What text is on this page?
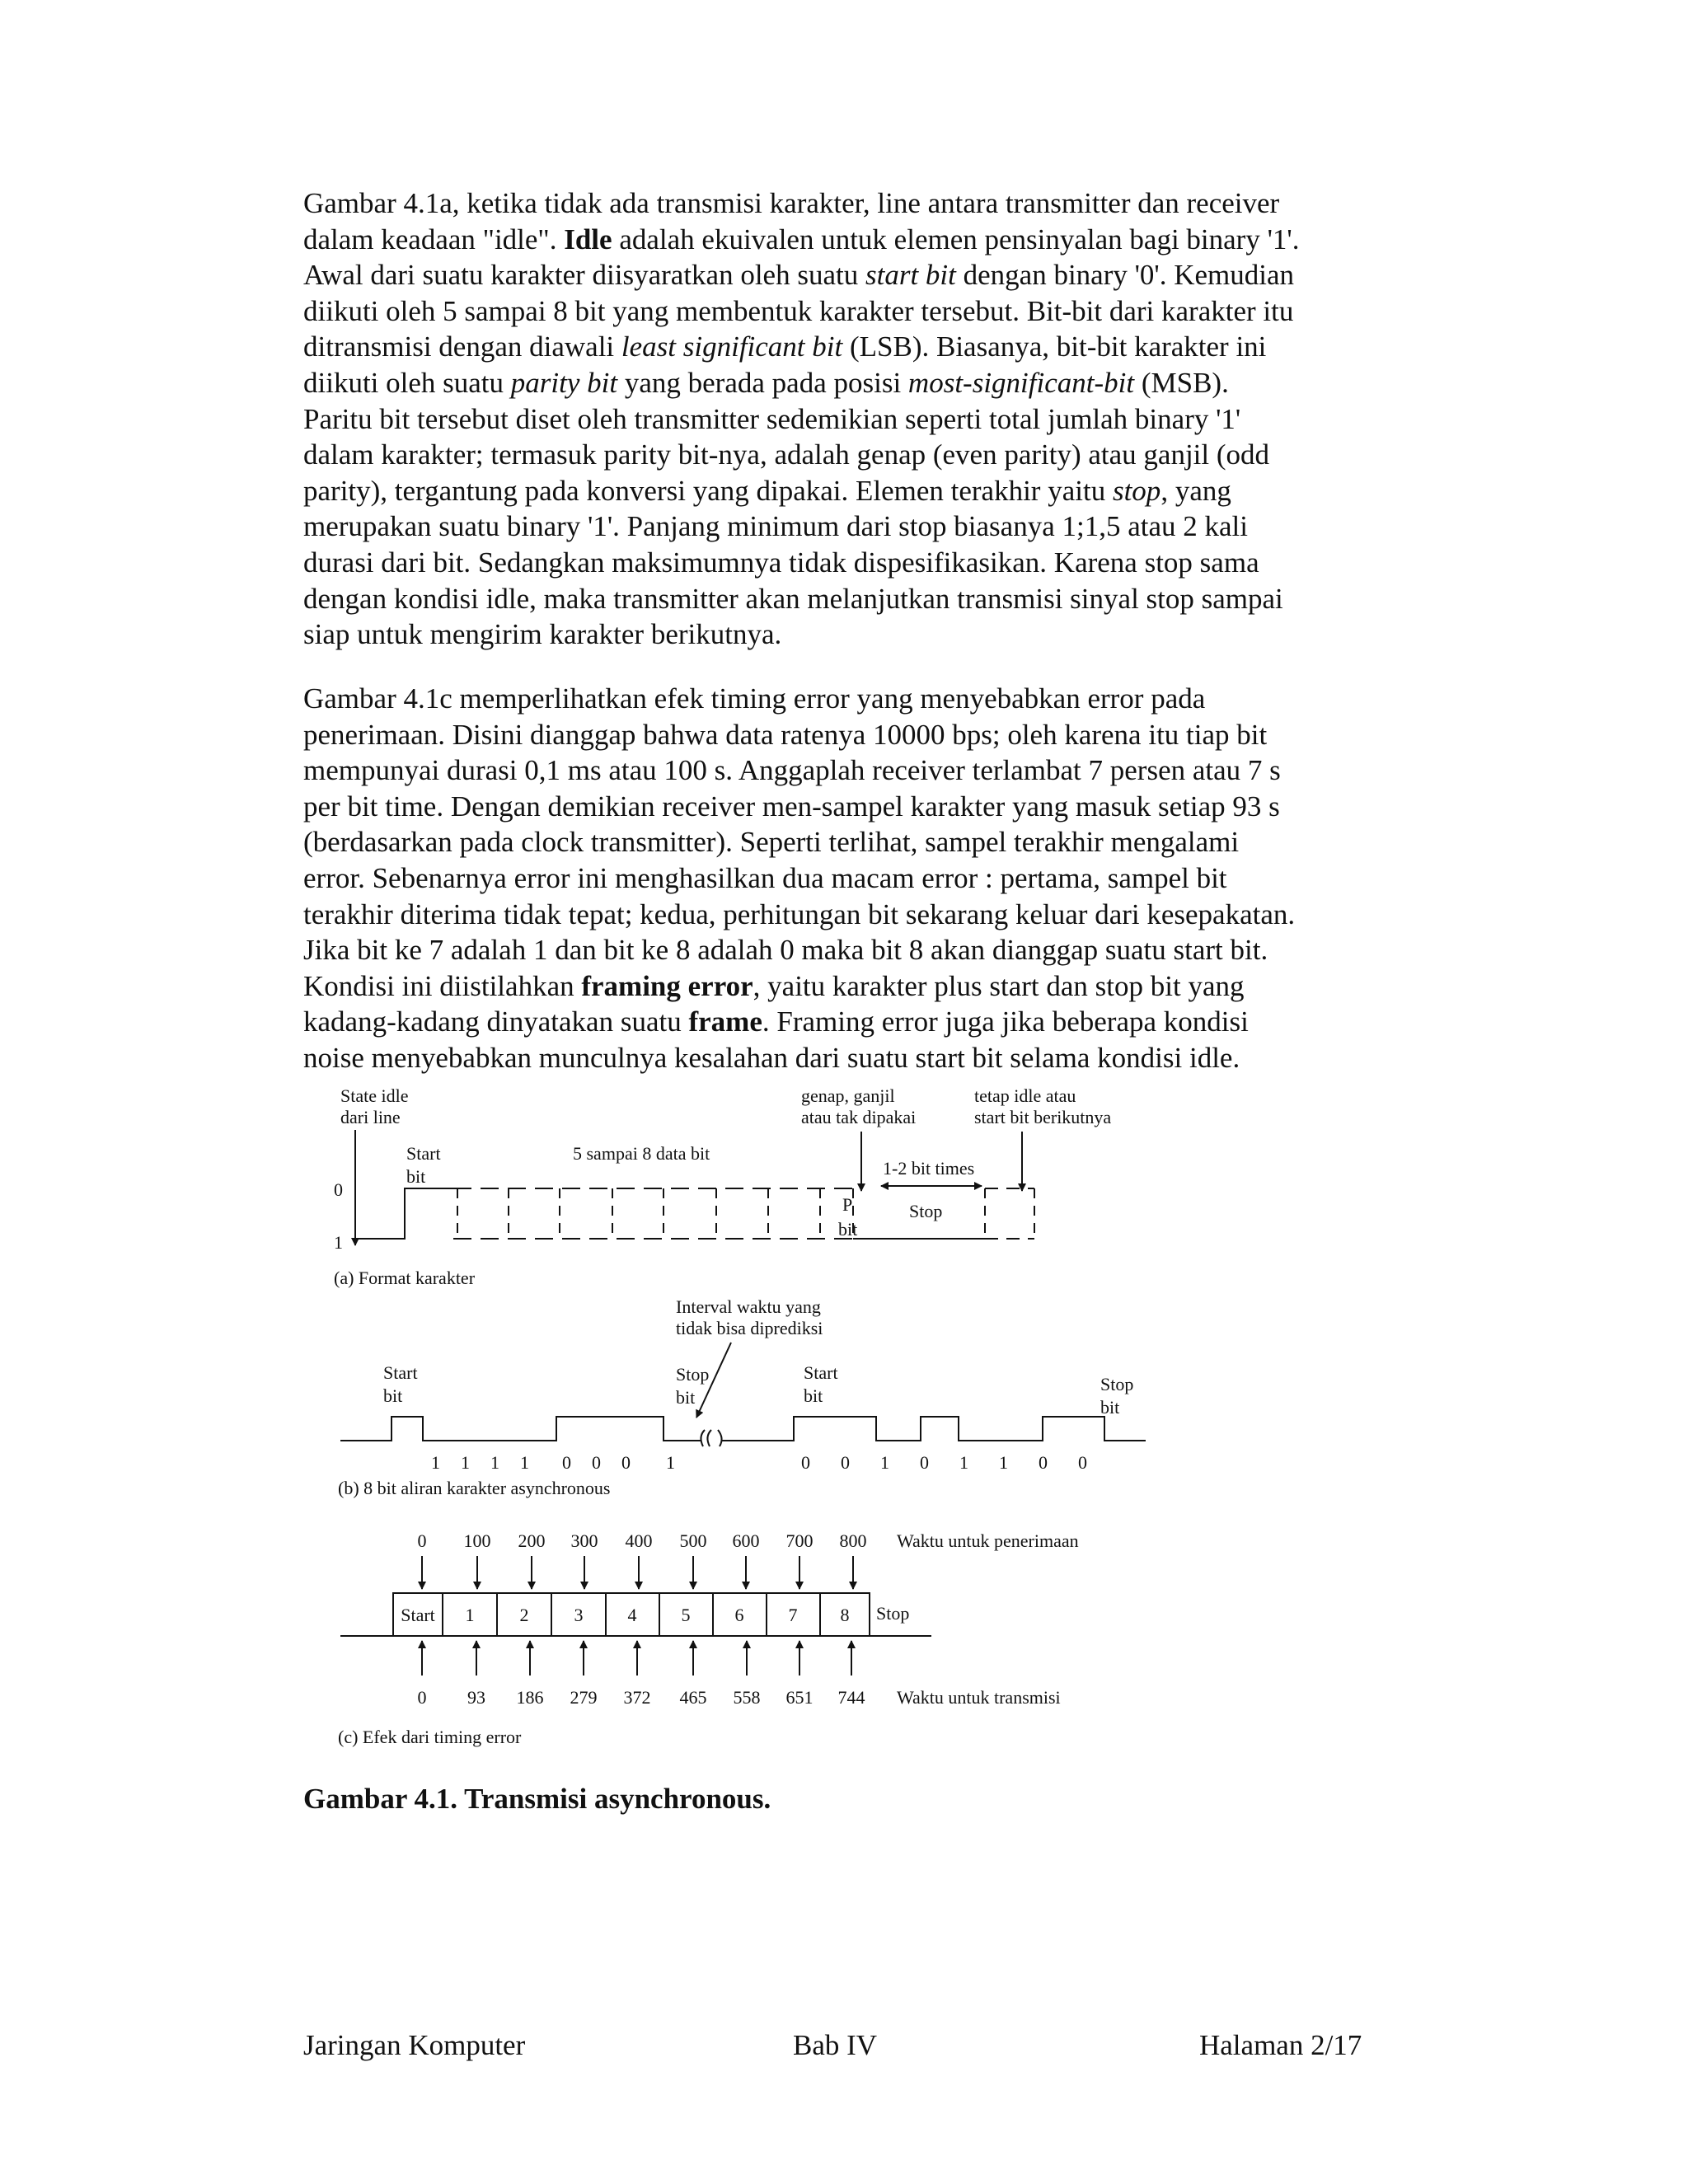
Gambar 4.1a, ketika tidak ada transmisi karakter, line antara transmitter dan receiver
dalam keadaan "idle". Idle adalah ekuivalen untuk elemen pensinyalan bagi binary '1'.
Awal dari suatu karakter diisyaratkan oleh suatu start bit dengan binary '0'. Kemudian
diikuti oleh 5 sampai 8 bit yang membentuk karakter tersebut. Bit-bit dari karakter itu
ditransmisi dengan diawali least significant bit (LSB). Biasanya, bit-bit karakter ini
diikuti oleh suatu parity bit yang berada pada posisi most-significant-bit (MSB).
Paritu bit tersebut diset oleh transmitter sedemikian seperti total jumlah binary '1'
dalam karakter; termasuk parity bit-nya, adalah genap (even parity) atau ganjil (odd
parity), tergantung pada konversi yang dipakai. Elemen terakhir yaitu stop, yang
merupakan suatu binary '1'. Panjang minimum dari stop biasanya 1;1,5 atau 2 kali
durasi dari bit. Sedangkan maksimumnya tidak dispesifikasikan. Karena stop sama
dengan kondisi idle, maka transmitter akan melanjutkan transmisi sinyal stop sampai
siap untuk mengirim karakter berikutnya.
Gambar 4.1c memperlihatkan efek timing error yang menyebabkan error pada
penerimaan. Disini dianggap bahwa data ratenya 10000 bps; oleh karena itu tiap bit
mempunyai durasi 0,1 ms atau 100 s. Anggaplah receiver terlambat 7 persen atau 7 s
per bit time. Dengan demikian receiver men-sampel karakter yang masuk setiap 93 s
(berdasarkan pada clock transmitter). Seperti terlihat, sampel terakhir mengalami
error. Sebenarnya error ini menghasilkan dua macam error : pertama, sampel bit
terakhir diterima tidak tepat; kedua, perhitungan bit sekarang keluar dari kesepakatan.
Jika bit ke 7 adalah 1 dan bit ke 8 adalah 0 maka bit 8 akan dianggap suatu start bit.
Kondisi ini diistilahkan framing error, yaitu karakter plus start dan stop bit yang
kadang-kadang dinyatakan suatu frame. Framing error juga jika beberapa kondisi
noise menyebabkan munculnya kesalahan dari suatu start bit selama kondisi idle.
State idle
dari line
Start
bit
5 sampai 8 data bit
genap, ganjil
atau tak dipakai
tetap idle atau
start bit berikutnya
1-2 bit times
0
1
P
bit
Stop
(a) Format karakter
Interval waktu yang
tidak bisa diprediksi
Start
bit
Stop
bit
Start
bit
Stop
bit
1 1 1 1 0 0 0 1	0 0 1 0 1 1 0 0
(b) 8 bit aliran karakter asynchronous
0 100 200 300 400 500 600 700 800 Waktu untuk penerimaan
Start 1	2	3 4 5 6 7 8 Stop
0 93 186 279 372 465 558 651 744 Waktu untuk transmisi
(c) Efek dari timing error

Gambar 4.1. Transmisi asynchronous.

Jaringan Komputer	Bab IV	Halaman 2/17
